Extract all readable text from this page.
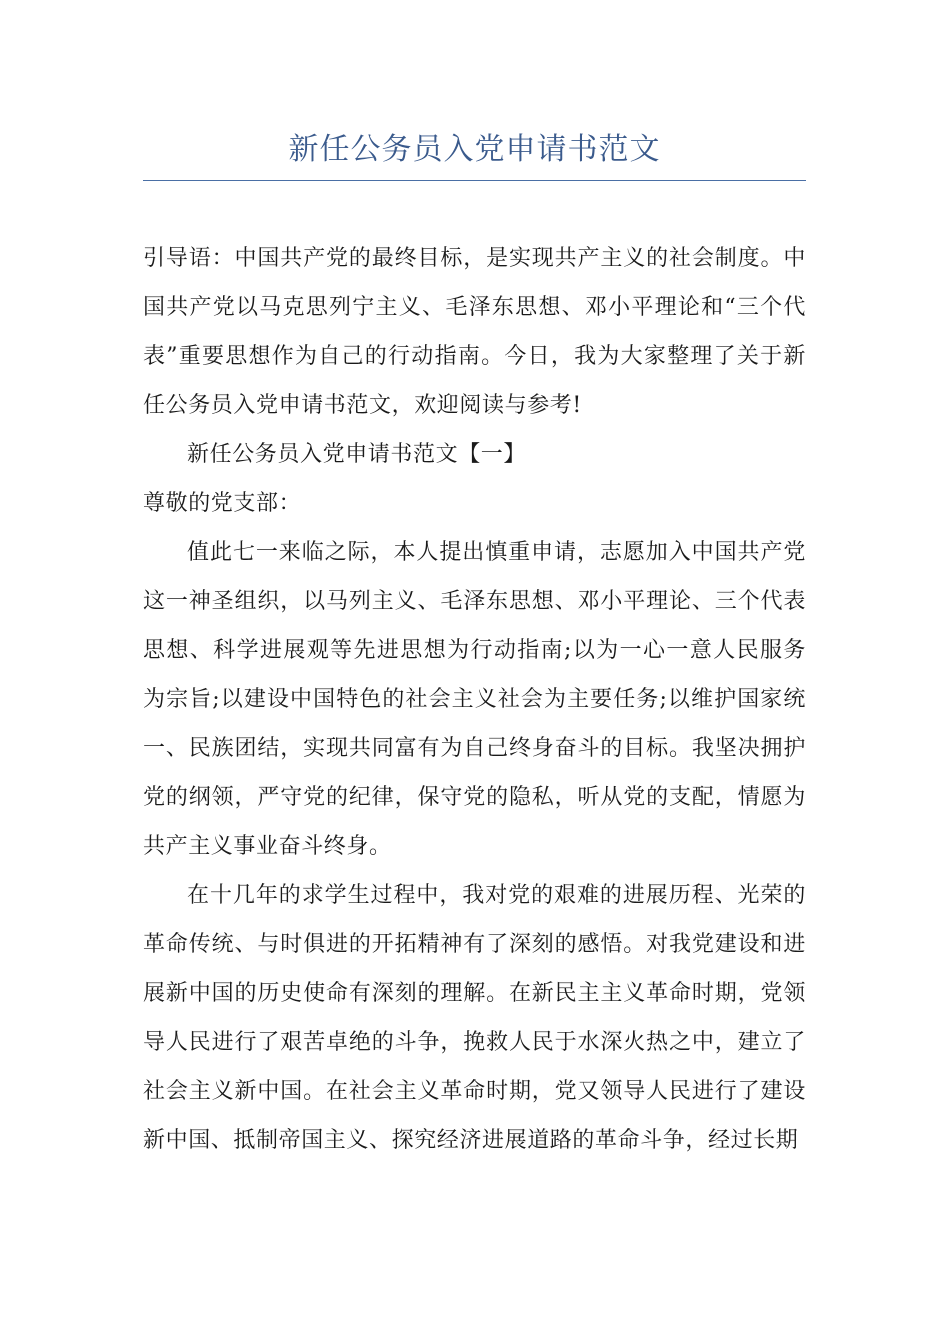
新任公务员入党申请书范文

引导语：中国共产党的最终目标，是实现共产主义的社会制度。中国共产党以马克思列宁主义、毛泽东思想、邓小平理论和“三个代表”重要思想作为自己的行动指南。今日，我为大家整理了关于新任公务员入党申请书范文，欢迎阅读与参考!

新任公务员入党申请书范文【一】

尊敬的党支部：

值此七一来临之际，本人提出慎重申请，志愿加入中国共产党这一神圣组织，以马列主义、毛泽东思想、邓小平理论、三个代表思想、科学进展观等先进思想为行动指南;以为一心一意人民服务为宗旨;以建设中国特色的社会主义社会为主要任务;以维护国家统一、民族团结，实现共同富有为自己终身奋斗的目标。我坚决拥护党的纲领，严守党的纪律，保守党的隐私，听从党的支配，情愿为共产主义事业奋斗终身。

在十几年的求学生过程中，我对党的艰难的进展历程、光荣的革命传统、与时俱进的开拓精神有了深刻的感悟。对我党建设和进展新中国的历史使命有深刻的理解。在新民主主义革命时期，党领导人民进行了艰苦卓绝的斗争，挽救人民于水深火热之中，建立了社会主义新中国。在社会主义革命时期，党又领导人民进行了建设新中国、抵制帝国主义、探究经济进展道路的革命斗争，经过长期
